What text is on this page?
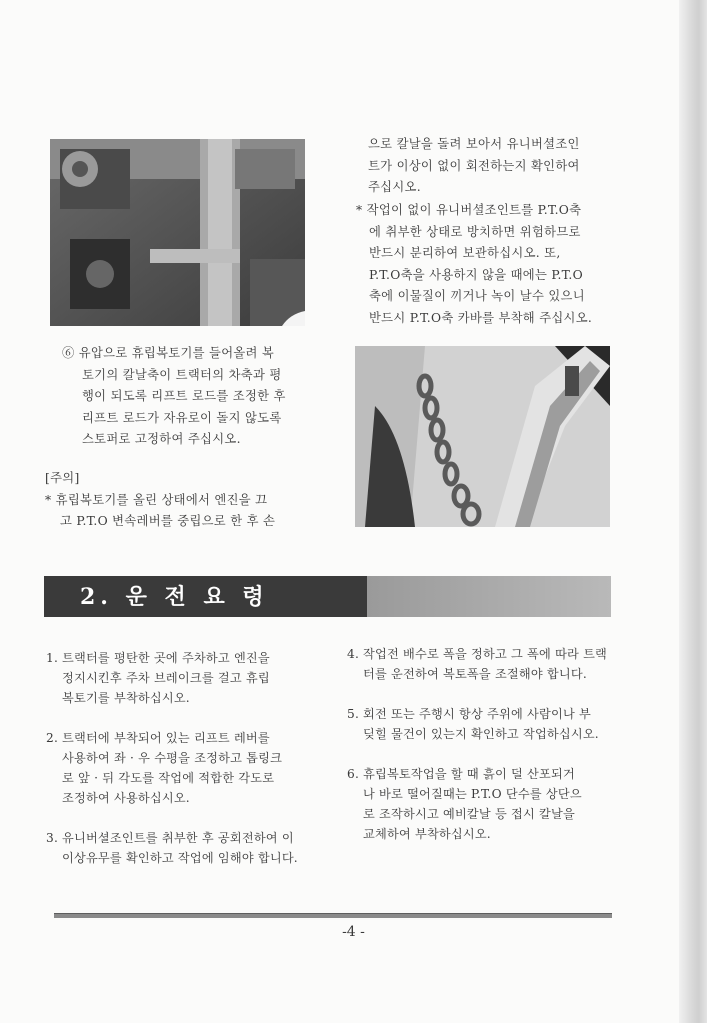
으로 칼날을 돌려 보아서 유니버셜조인

트가 이상이 없이 회전하는지 확인하여

주십시오.

* 작업이 없이 유니버셜조인트를 P.T.O축

에 취부한 상태로 방치하면 위험하므로

반드시 분리하여 보관하십시오. 또,

P.T.O축을 사용하지 않을 때에는 P.T.O

축에 이물질이 끼거나 녹이 날수 있으니

반드시 P.T.O축 카바를 부착해 주십시오.

⑥ 유압으로 휴립복토기를 들어올려 복

토기의 칼날축이 트랙터의 차축과 평

행이 되도록 리프트 로드를 조정한 후

리프트 로드가 자유로이 돌지 않도록

스토퍼로 고정하여 주십시오.

[주의]

* 휴립복토기를 올린 상태에서 엔진을 끄

고 P.T.O 변속레버를 중립으로 한 후 손

2. 운 전 요 령
1. 트랙터를 평탄한 곳에 주차하고 엔진을
정지시킨후 주차 브레이크를 걸고 휴립
복토기를 부착하십시오.
2. 트랙터에 부착되어 있는 리프트 레버를
사용하여 좌 · 우 수평을 조정하고 톱링크
로 앞 · 뒤 각도를 작업에 적합한 각도로
조정하여 사용하십시오.
3. 유니버셜조인트를 취부한 후 공회전하여 이
이상유무를 확인하고 작업에 임해야 합니다.
4. 작업전 배수로 폭을 정하고 그 폭에 따라 트랙
터를 운전하여 복토폭을 조절해야 합니다.
5. 회전 또는 주행시 항상 주위에 사람이나 부
딪힐 물건이 있는지 확인하고 작업하십시오.
6. 휴립복토작업을 할 때 흙이 덜 산포되거
나 바로 떨어질때는 P.T.O 단수를 상단으
로 조작하시고 예비칼날 등 접시 칼날을
교체하여 부착하십시오.
-4 -
